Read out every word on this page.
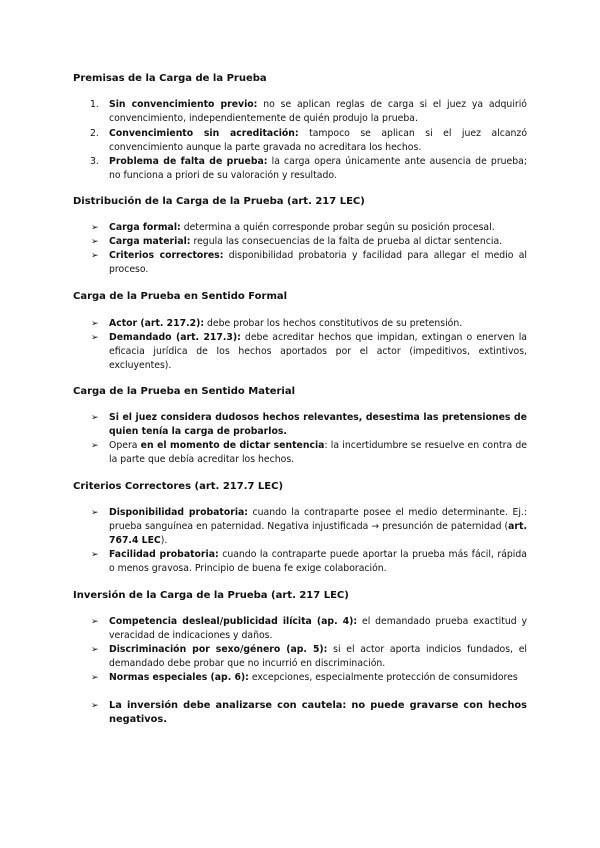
Premisas de la Carga de la Prueba
1.	Sin convencimiento previo: no se aplican reglas de carga si el juez ya adquirió convencimiento, independientemente de quién produjo la prueba.
2.	Convencimiento sin acreditación: tampoco se aplican si el juez alcanzó convencimiento aunque la parte gravada no acreditara los hechos.
3.	Problema de falta de prueba: la carga opera únicamente ante ausencia de prueba; no funciona a priori de su valoración y resultado.
Distribución de la Carga de la Prueba (art. 217 LEC)
➢	Carga formal: determina a quién corresponde probar según su posición procesal.
➢	Carga material: regula las consecuencias de la falta de prueba al dictar sentencia.
➢	Criterios correctores: disponibilidad probatoria y facilidad para allegar el medio al proceso.
Carga de la Prueba en Sentido Formal
➢	Actor (art. 217.2): debe probar los hechos constitutivos de su pretensión.
➢	Demandado (art. 217.3): debe acreditar hechos que impidan, extingan o enerven la eficacia jurídica de los hechos aportados por el actor (impeditivos, extintivos, excluyentes).
Carga de la Prueba en Sentido Material
➢	Si el juez considera dudosos hechos relevantes, desestima las pretensiones de quien tenía la carga de probarlos.
➢	Opera en el momento de dictar sentencia: la incertidumbre se resuelve en contra de la parte que debía acreditar los hechos.
Criterios Correctores (art. 217.7 LEC)
➢	Disponibilidad probatoria: cuando la contraparte posee el medio determinante. Ej.: prueba sanguínea en paternidad. Negativa injustificada → presunción de paternidad (art. 767.4 LEC).
➢	Facilidad probatoria: cuando la contraparte puede aportar la prueba más fácil, rápida o menos gravosa. Principio de buena fe exige colaboración.
Inversión de la Carga de la Prueba (art. 217 LEC)
➢	Competencia desleal/publicidad ilícita (ap. 4): el demandado prueba exactitud y veracidad de indicaciones y daños.
➢	Discriminación por sexo/género (ap. 5): si el actor aporta indicios fundados, el demandado debe probar que no incurrió en discriminación.
➢	Normas especiales (ap. 6): excepciones, especialmente protección de consumidores
➢	La inversión debe analizarse con cautela: no puede gravarse con hechos negativos.
